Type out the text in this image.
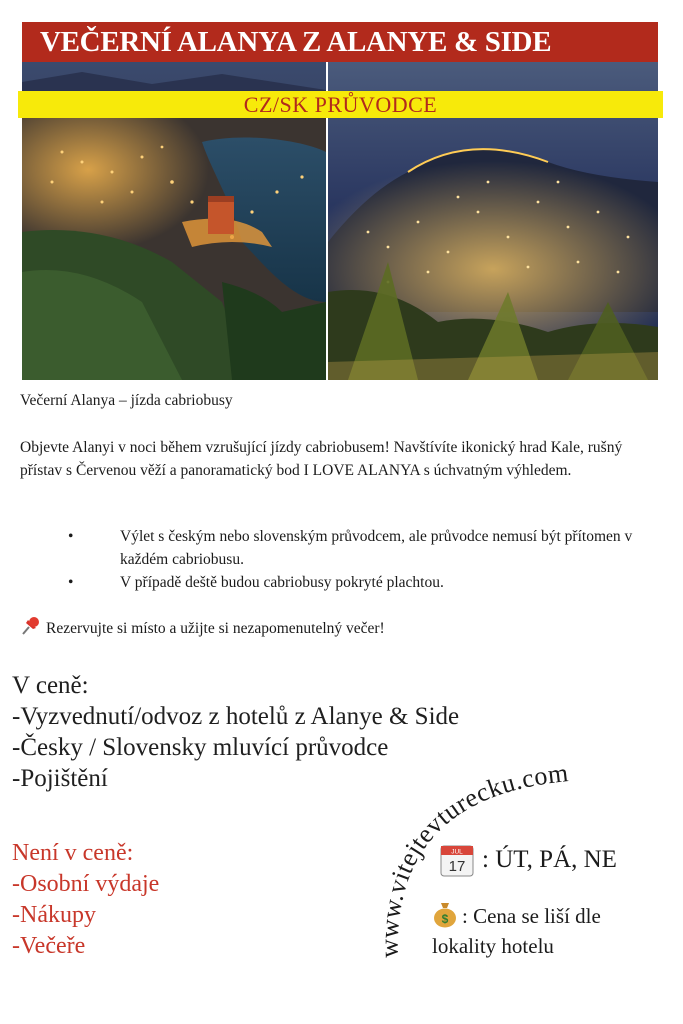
VEČERNÍ ALANYA Z ALANYE & SIDE
CZ/SK PRŮVODCE
Večerní Alanya – jízda cabriobusy
Objevte Alanyi v noci během vzrušující jízdy cabriobusem! Navštívíte ikonický hrad Kale, rušný přístav s Červenou věží a panoramatický bod I LOVE ALANYA s úchvatným výhledem.
•	Výlet s českým nebo slovenským průvodcem, ale průvodce nemusí být přítomen v každém cabriobusu.
•	V případě deště budou cabriobusy pokryté plachtou.
Rezervujte si místo a užijte si nezapomenutelný večer!
V ceně:
-Vyzvednutí/odvoz z hotelů z Alanye & Side
-Česky / Slovensky mluvící průvodce
-Pojištění
Není v ceně:
-Osobní výdaje
-Nákupy
-Večeře	www.vitejtevturecku.com
JUL
17 : ÚT, PÁ, NE
$ : Cena se liší dle lokality hotelu
